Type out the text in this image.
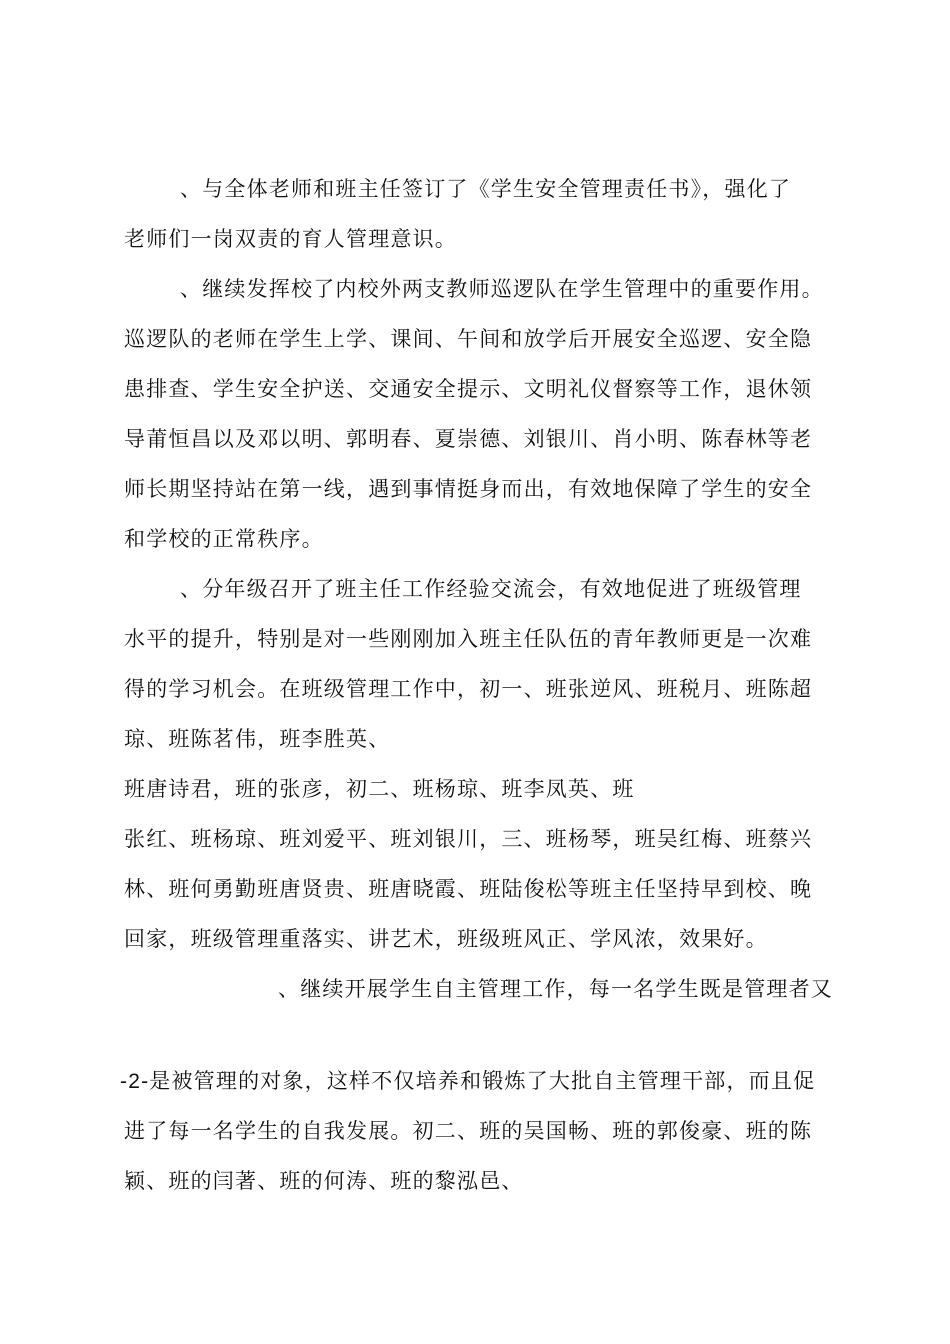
、与全体老师和班主任签订了《学生安全管理责任书》，强化了

老师们一岗双责的育人管理意识。

、继续发挥校了内校外两支教师巡逻队在学生管理中的重要作用。

巡逻队的老师在学生上学、课间、午间和放学后开展安全巡逻、安全隐

患排查、学生安全护送、交通安全提示、文明礼仪督察等工作，退休领

导莆恒昌以及邓以明、郭明春、夏崇德、刘银川、肖小明、陈春林等老

师长期坚持站在第一线，遇到事情挺身而出，有效地保障了学生的安全

和学校的正常秩序。

、分年级召开了班主任工作经验交流会，有效地促进了班级管理

水平的提升，特别是对一些刚刚加入班主任队伍的青年教师更是一次难

得的学习机会。在班级管理工作中，初一、班张逆风、班税月、班陈超

琼、班陈茗伟，班李胜英、

班唐诗君，班的张彦，初二、班杨琼、班李凤英、班

张红、班杨琼、班刘爱平、班刘银川，三、班杨琴，班吴红梅、班蔡兴

林、班何勇勤班唐贤贵、班唐晓霞、班陆俊松等班主任坚持早到校、晚

回家，班级管理重落实、讲艺术，班级班风正、学风浓，效果好。

、继续开展学生自主管理工作，每一名学生既是管理者又

-2-是被管理的对象，这样不仅培养和锻炼了大批自主管理干部，而且促

进了每一名学生的自我发展。初二、班的吴国畅、班的郭俊豪、班的陈

颖、班的闫著、班的何涛、班的黎泓邑、
